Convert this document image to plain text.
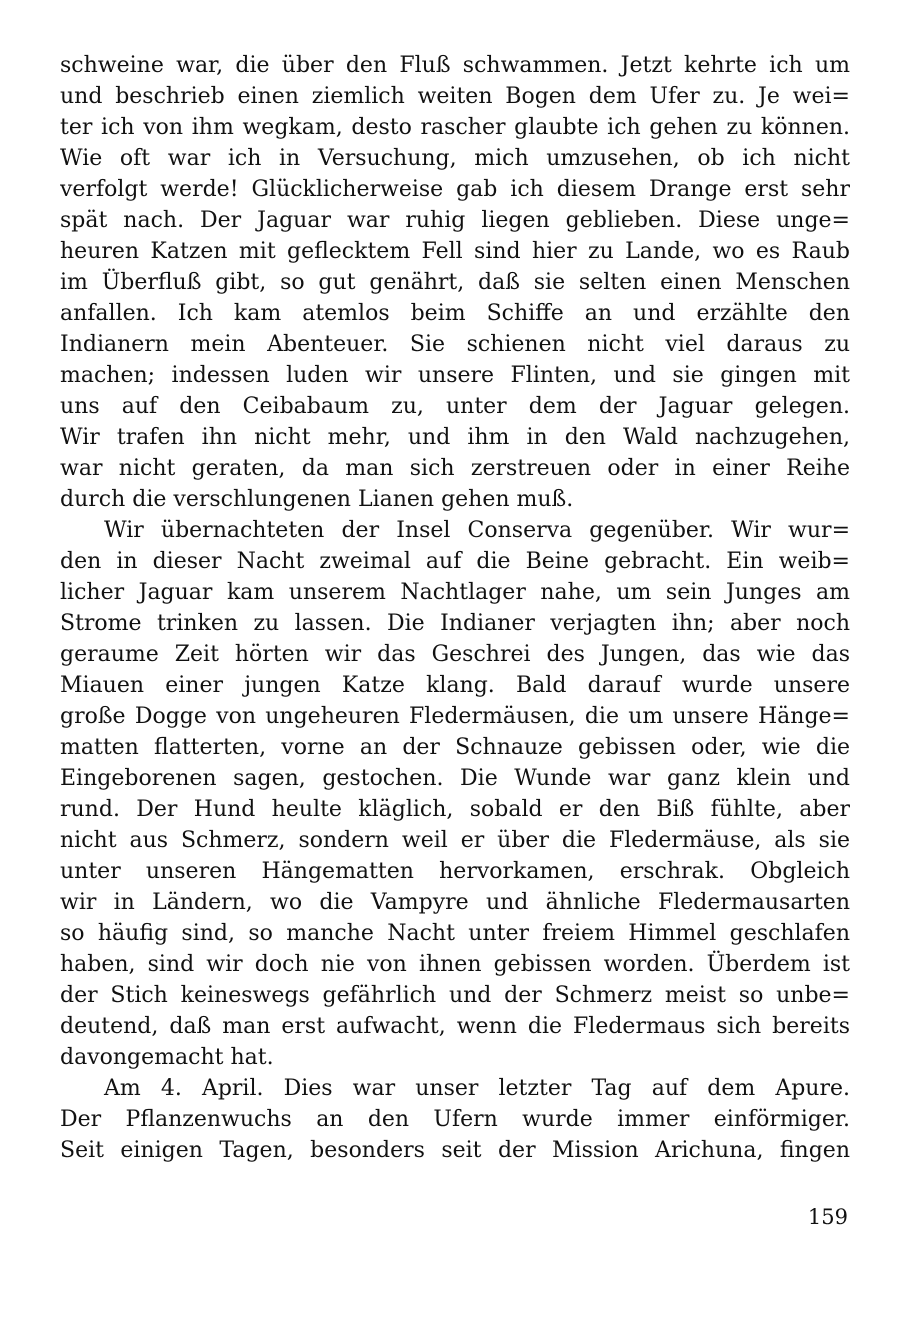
schweine war, die über den Fluß schwammen. Jetzt kehrte ich um
und beschrieb einen ziemlich weiten Bogen dem Ufer zu. Je wei=
ter ich von ihm wegkam, desto rascher glaubte ich gehen zu können.
Wie oft war ich in Versuchung, mich umzusehen, ob ich nicht
verfolgt werde! Glücklicherweise gab ich diesem Drange erst sehr
spät nach. Der Jaguar war ruhig liegen geblieben. Diese unge=
heuren Katzen mit geflecktem Fell sind hier zu Lande, wo es Raub
im Überfluß gibt, so gut genährt, daß sie selten einen Menschen
anfallen. Ich kam atemlos beim Schiffe an und erzählte den
Indianern mein Abenteuer. Sie schienen nicht viel daraus zu
machen; indessen luden wir unsere Flinten, und sie gingen mit
uns auf den Ceibabaum zu, unter dem der Jaguar gelegen.
Wir trafen ihn nicht mehr, und ihm in den Wald nachzugehen,
war nicht geraten, da man sich zerstreuen oder in einer Reihe
durch die verschlungenen Lianen gehen muß.
Wir übernachteten der Insel Conserva gegenüber. Wir wur=
den in dieser Nacht zweimal auf die Beine gebracht. Ein weib=
licher Jaguar kam unserem Nachtlager nahe, um sein Junges am
Strome trinken zu lassen. Die Indianer verjagten ihn; aber noch
geraume Zeit hörten wir das Geschrei des Jungen, das wie das
Miauen einer jungen Katze klang. Bald darauf wurde unsere
große Dogge von ungeheuren Fledermäusen, die um unsere Hänge=
matten flatterten, vorne an der Schnauze gebissen oder, wie die
Eingeborenen sagen, gestochen. Die Wunde war ganz klein und
rund. Der Hund heulte kläglich, sobald er den Biß fühlte, aber
nicht aus Schmerz, sondern weil er über die Fledermäuse, als sie
unter unseren Hängematten hervorkamen, erschrak. Obgleich
wir in Ländern, wo die Vampyre und ähnliche Fledermausarten
so häufig sind, so manche Nacht unter freiem Himmel geschlafen
haben, sind wir doch nie von ihnen gebissen worden. Überdem ist
der Stich keineswegs gefährlich und der Schmerz meist so unbe=
deutend, daß man erst aufwacht, wenn die Fledermaus sich bereits
davongemacht hat.
Am 4. April. Dies war unser letzter Tag auf dem Apure.
Der Pflanzenwuchs an den Ufern wurde immer einförmiger.
Seit einigen Tagen, besonders seit der Mission Arichuna, fingen
159
